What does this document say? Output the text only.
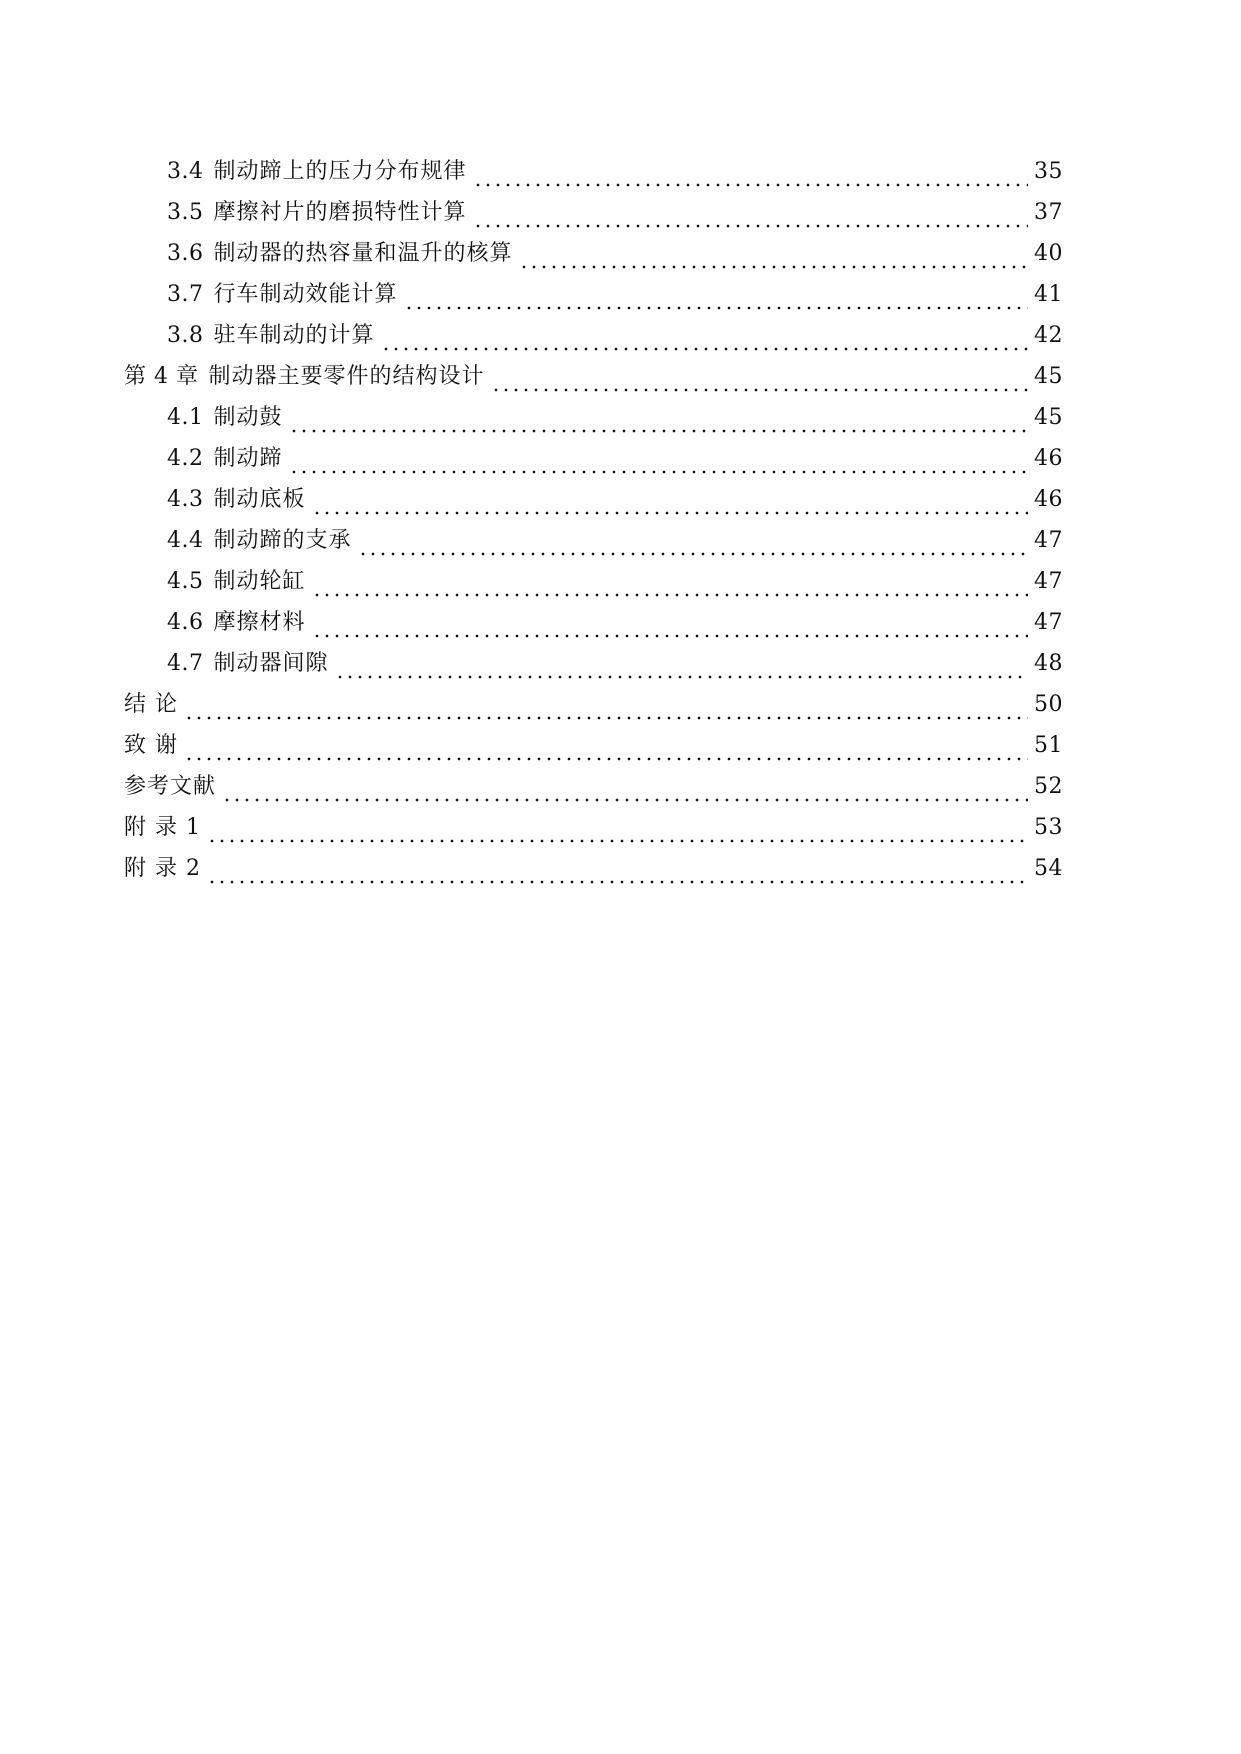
3.4 制动蹄上的压力分布规律	35
3.5 摩擦衬片的磨损特性计算	37
3.6 制动器的热容量和温升的核算	40
3.7 行车制动效能计算	41
3.8 驻车制动的计算	42
第 4 章 制动器主要零件的结构设计	45
4.1 制动鼓	45
4.2 制动蹄	46
4.3 制动底板	46
4.4 制动蹄的支承	47
4.5 制动轮缸	47
4.6 摩擦材料	47
4.7 制动器间隙	48
结 论	50
致 谢	51
参考文献	52
附 录 1	53
附 录 2	54
